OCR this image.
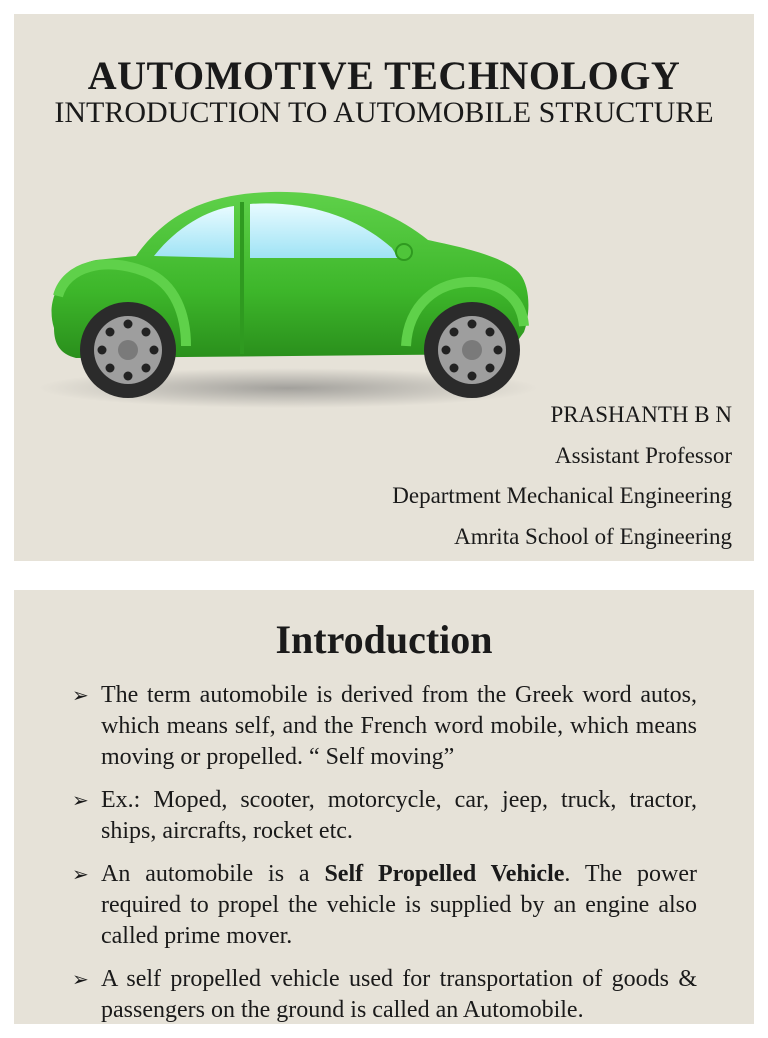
AUTOMOTIVE TECHNOLOGY
INTRODUCTION TO AUTOMOBILE STRUCTURE
PRASHANTH B N
Assistant Professor
Department Mechanical Engineering
Amrita School of Engineering
Introduction
➢ The term automobile is derived from the Greek word autos, which means self, and the French word mobile, which means moving or propelled. “ Self moving”
➢ Ex.: Moped, scooter, motorcycle, car, jeep, truck, tractor, ships, aircrafts, rocket etc.
➢ An automobile is a Self Propelled Vehicle. The power required to propel the vehicle is supplied by an engine also called prime mover.
➢ A self propelled vehicle used for transportation of goods & passengers on the ground is called an Automobile.
